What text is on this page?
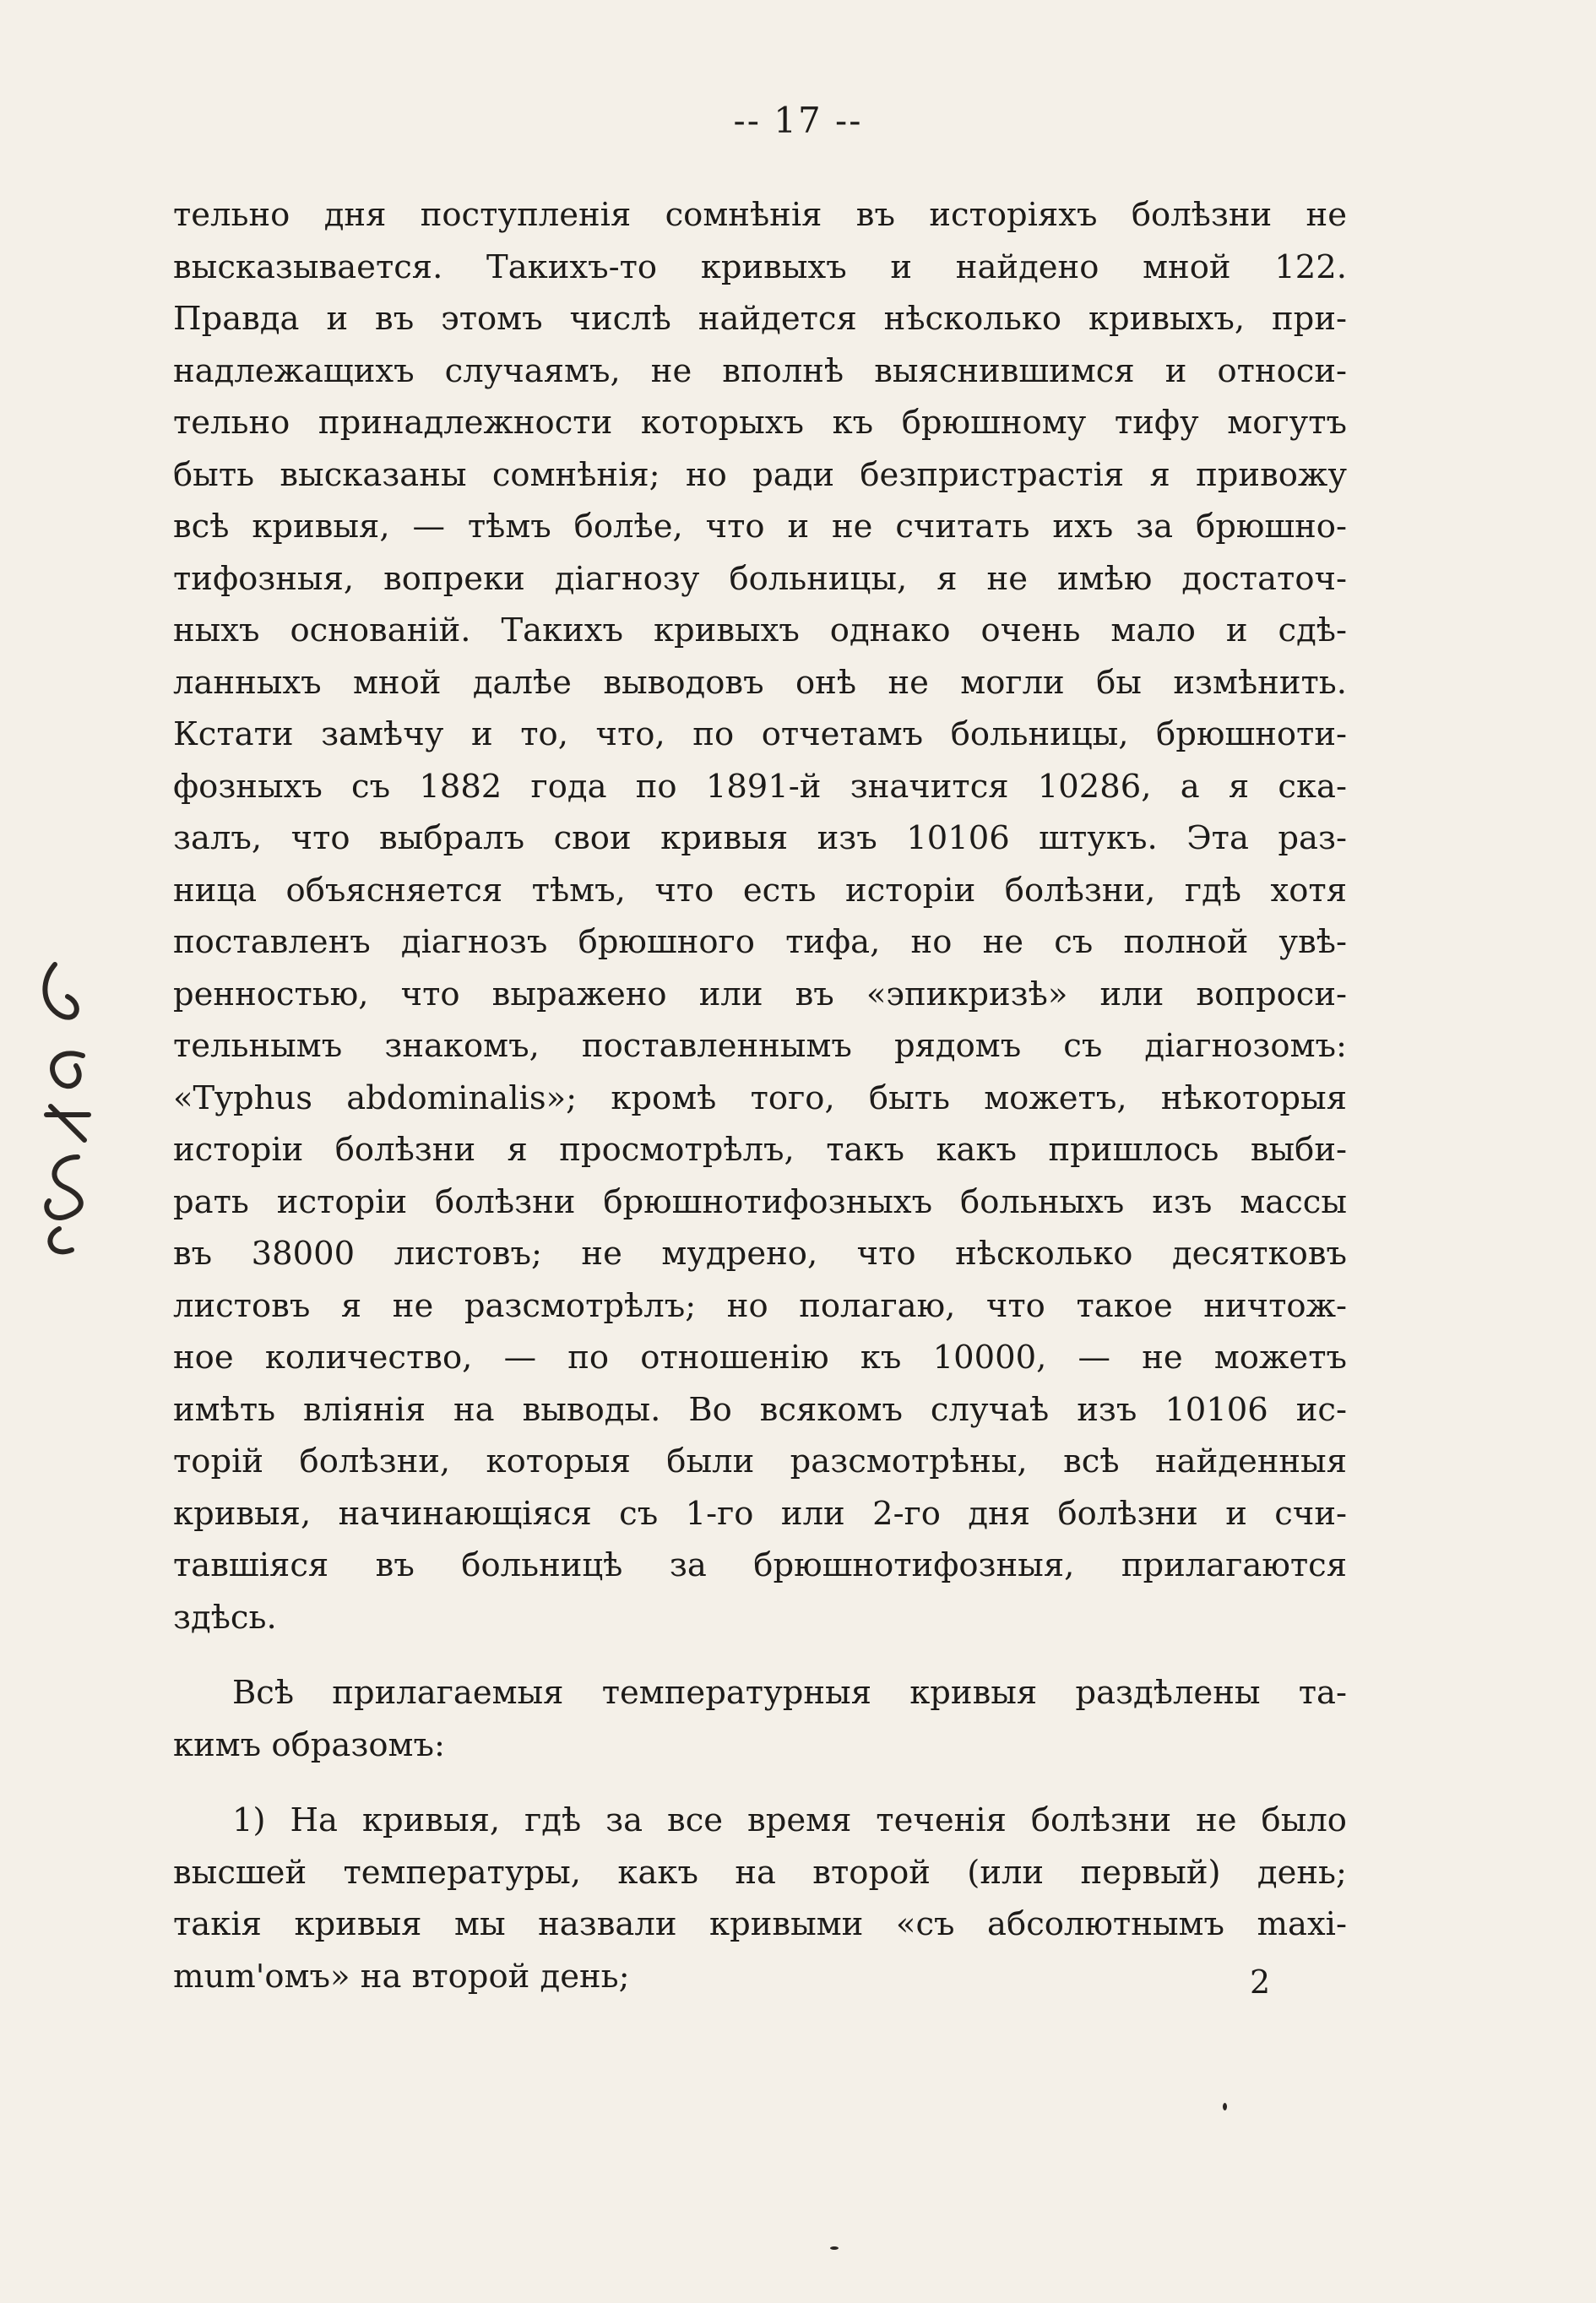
-- 17 --

тельно дня поступленія сомнѣнія въ исторіяхъ болѣзни не
высказывается. Такихъ-то кривыхъ и найдено мной 122.
Правда и въ этомъ числѣ найдется нѣсколько кривыхъ, при-
надлежащихъ случаямъ, не вполнѣ выяснившимся и относи-
тельно принадлежности которыхъ къ брюшному тифу могутъ
быть высказаны сомнѣнія; но ради безпристрастія я привожу
всѣ кривыя, — тѣмъ болѣе, что и не считать ихъ за брюшно-
тифозныя, вопреки діагнозу больницы, я не имѣю достаточ-
ныхъ основаній. Такихъ кривыхъ однако очень мало и сдѣ-
ланныхъ мной далѣе выводовъ онѣ не могли бы измѣнить.
Кстати замѣчу и то, что, по отчетамъ больницы, брюшноти-
фозныхъ съ 1882 года по 1891-й значится 10286, а я ска-
залъ, что выбралъ свои кривыя изъ 10106 штукъ. Эта раз-
ница объясняется тѣмъ, что есть исторіи болѣзни, гдѣ хотя
поставленъ діагнозъ брюшного тифа, но не съ полной увѣ-
ренностью, что выражено или въ «эпикризѣ» или вопроси-
тельнымъ знакомъ, поставленнымъ рядомъ съ діагнозомъ:
«Typhus abdominalis»; кромѣ того, быть можетъ, нѣкоторыя
исторіи болѣзни я просмотрѣлъ, такъ какъ пришлось выби-
рать исторіи болѣзни брюшнотифозныхъ больныхъ изъ массы
въ 38000 листовъ; не мудрено, что нѣсколько десятковъ
листовъ я не разсмотрѣлъ; но полагаю, что такое ничтож-
ное количество, — по отношенію къ 10000, — не можетъ
имѣть вліянія на выводы. Во всякомъ случаѣ изъ 10106 ис-
торій болѣзни, которыя были разсмотрѣны, всѣ найденныя
кривыя, начинающіяся съ 1-го или 2-го дня болѣзни и счи-
тавшіяся въ больницѣ за брюшнотифозныя, прилагаются
здѣсь.

Всѣ прилагаемыя температурныя кривыя раздѣлены та-
кимъ образомъ:

1) На кривыя, гдѣ за все время теченія болѣзни не было
высшей температуры, какъ на второй (или первый) день;
такія кривыя мы назвали кривыми «съ абсолютнымъ maxi-
mum'омъ» на второй день;	2
